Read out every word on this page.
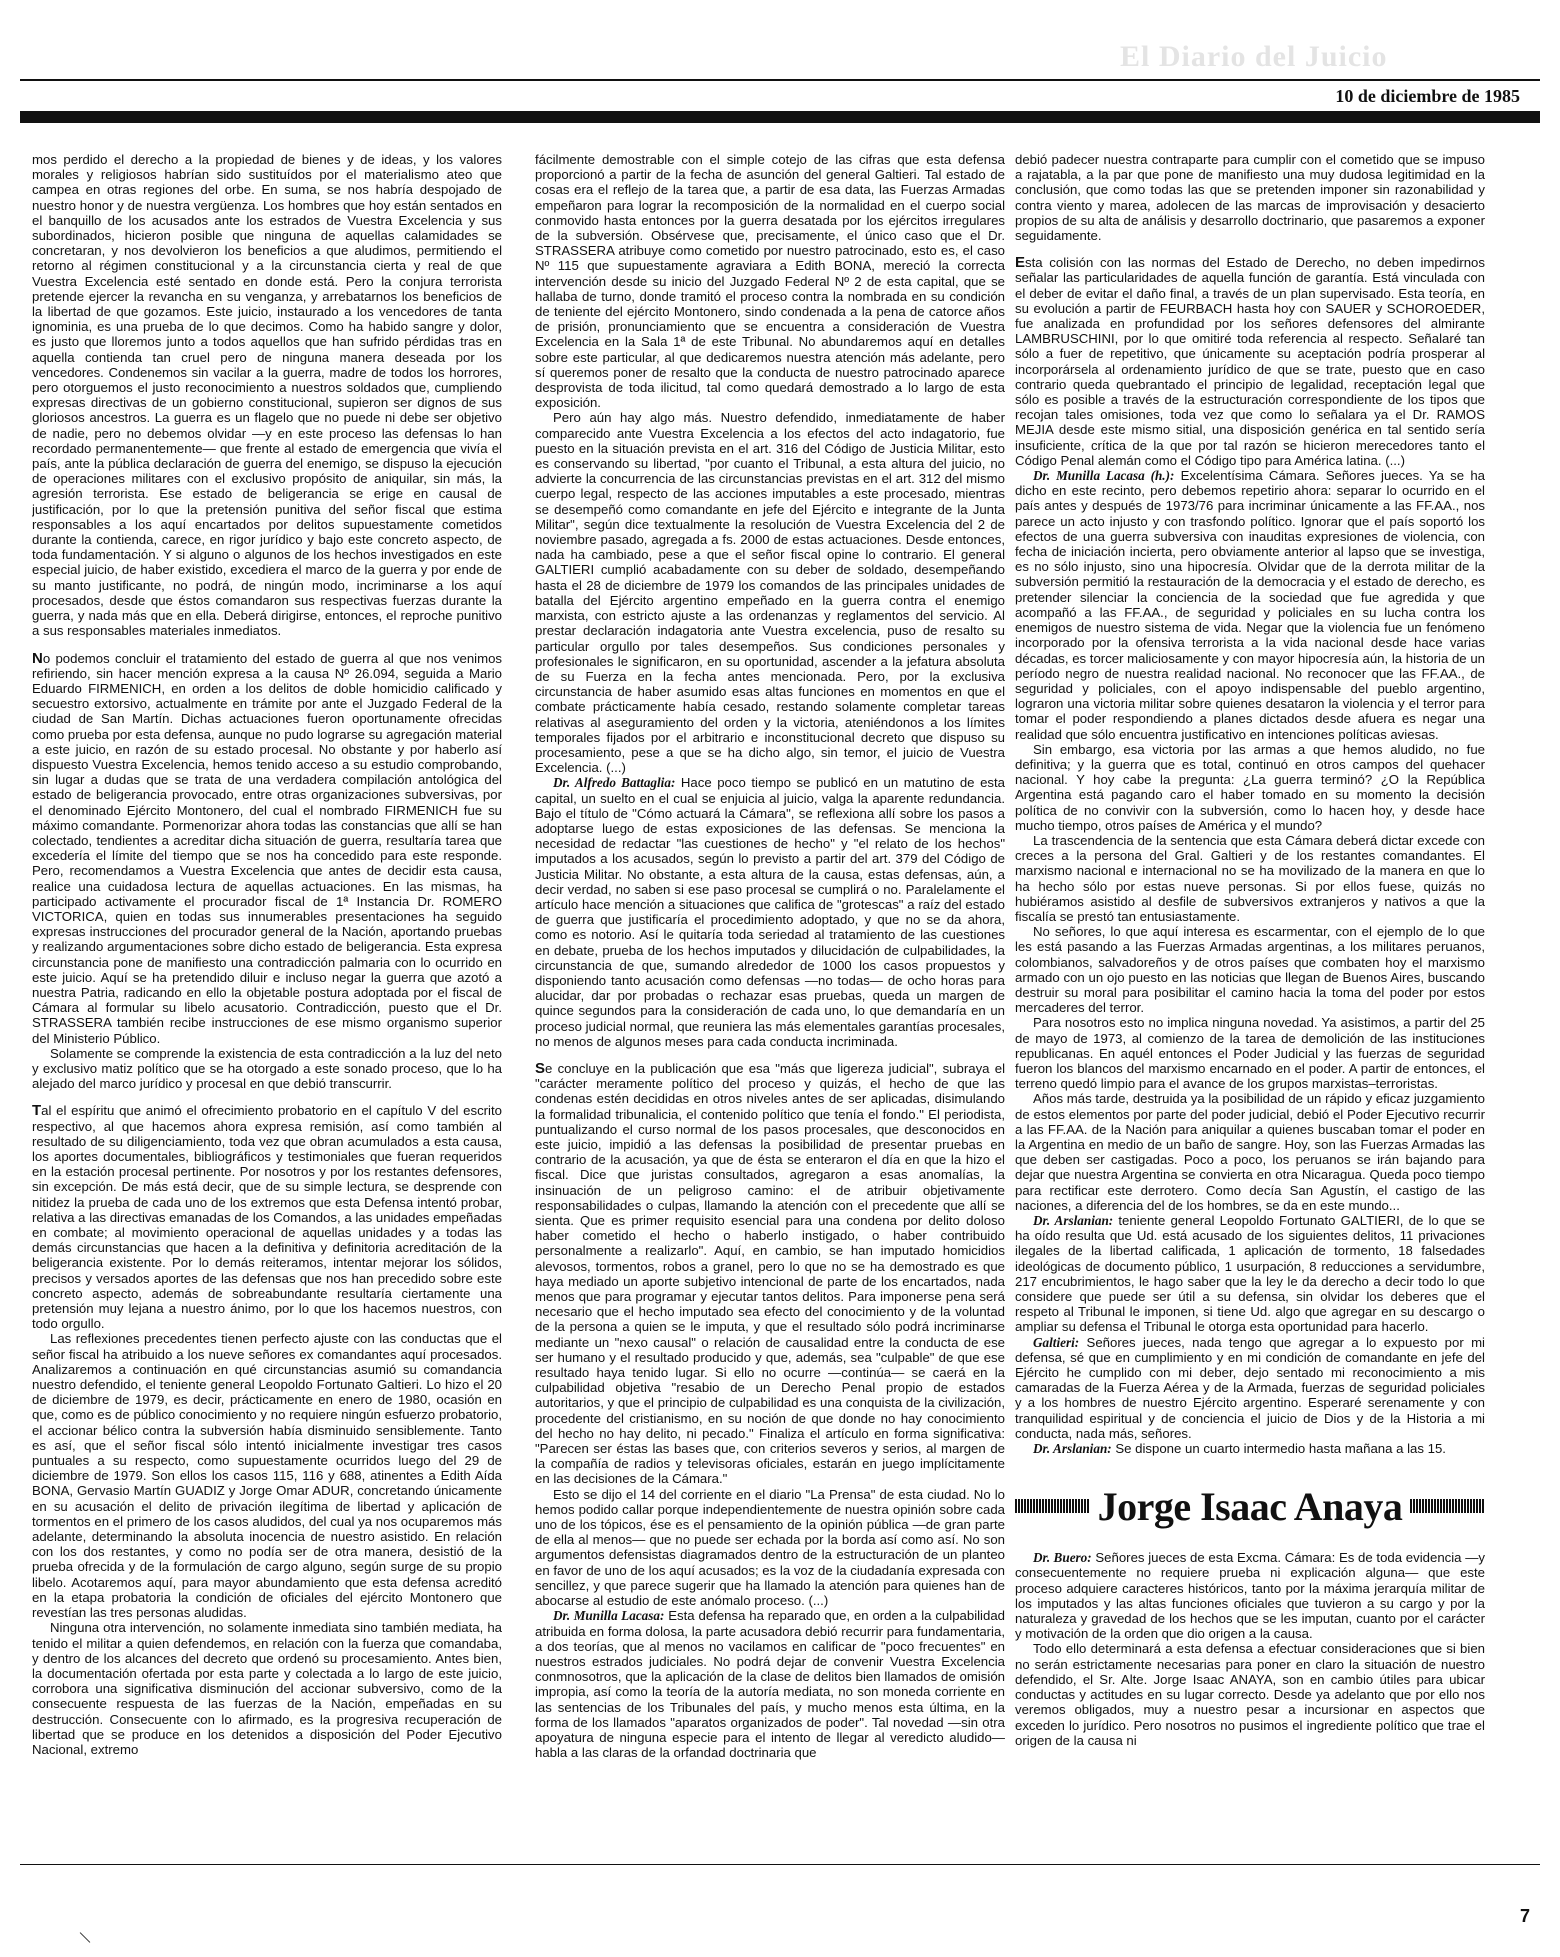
El Diario del Juicio
10 de diciembre de 1985

mos perdido el derecho a la propiedad de bienes y de ideas, y los valores morales y religiosos habrían sido sustituídos por el materialismo ateo que campea en otras regiones del orbe. En suma, se nos habría despojado de nuestro honor y de nuestra vergüenza. Los hombres que hoy están sentados en el banquillo de los acusados ante los estrados de Vuestra Excelencia y sus subordinados, hicieron posible que ninguna de aquellas calamidades se concretaran, y nos devolvieron los beneficios a que aludimos, permitiendo el retorno al régimen constitucional y a la circunstancia cierta y real de que Vuestra Excelencia esté sentado en donde está. Pero la conjura terrorista pretende ejercer la revancha en su venganza, y arrebatarnos los beneficios de la libertad de que gozamos. Este juicio, instaurado a los vencedores de tanta ignominia, es una prueba de lo que decimos. Como ha habido sangre y dolor, es justo que lloremos junto a todos aquellos que han sufrido pérdidas tras en aquella contienda tan cruel pero de ninguna manera deseada por los vencedores. Condenemos sin vacilar a la guerra, madre de todos los horrores, pero otorguemos el justo reconocimiento a nuestros soldados que, cumpliendo expresas directivas de un gobierno constitucional, supieron ser dignos de sus gloriosos ancestros. La guerra es un flagelo que no puede ni debe ser objetivo de nadie, pero no debemos olvidar —y en este proceso las defensas lo han recordado permanentemente— que frente al estado de emergencia que vivía el país, ante la pública declaración de guerra del enemigo, se dispuso la ejecución de operaciones militares con el exclusivo propósito de aniquilar, sin más, la agresión terrorista. Ese estado de beligerancia se erige en causal de justificación, por lo que la pretensión punitiva del señor fiscal que estima responsables a los aquí encartados por delitos supuestamente cometidos durante la contienda, carece, en rigor jurídico y bajo este concreto aspecto, de toda fundamentación. Y si alguno o algunos de los hechos investigados en este especial juicio, de haber existido, excediera el marco de la guerra y por ende de su manto justificante, no podrá, de ningún modo, incriminarse a los aquí procesados, desde que éstos comandaron sus respectivas fuerzas durante la guerra, y nada más que en ella. Deberá dirigirse, entonces, el reproche punitivo a sus responsables materiales inmediatos.

No podemos concluir el tratamiento del estado de guerra al que nos venimos refiriendo, sin hacer mención expresa a la causa Nº 26.094, seguida a Mario Eduardo FIRMENICH, en orden a los delitos de doble homicidio calificado y secuestro extorsivo, actualmente en trámite por ante el Juzgado Federal de la ciudad de San Martín. Dichas actuaciones fueron oportunamente ofrecidas como prueba por esta defensa, aunque no pudo lograrse su agregación material a este juicio, en razón de su estado procesal. No obstante y por haberlo así dispuesto Vuestra Excelencia, hemos tenido acceso a su estudio comprobando, sin lugar a dudas que se trata de una verdadera compilación antológica del estado de beligerancia provocado, entre otras organizaciones subversivas, por el denominado Ejército Montonero, del cual el nombrado FIRMENICH fue su máximo comandante. Pormenorizar ahora todas las constancias que allí se han colectado, tendientes a acreditar dicha situación de guerra, resultaría tarea que excedería el límite del tiempo que se nos ha concedido para este responde. Pero, recomendamos a Vuestra Excelencia que antes de decidir esta causa, realice una cuidadosa lectura de aquellas actuaciones. En las mismas, ha participado activamente el procurador fiscal de 1ª Instancia Dr. ROMERO VICTORICA, quien en todas sus innumerables presentaciones ha seguido expresas instrucciones del procurador general de la Nación, aportando pruebas y realizando argumentaciones sobre dicho estado de beligerancia. Esta expresa circunstancia pone de manifiesto una contradicción palmaria con lo ocurrido en este juicio. Aquí se ha pretendido diluir e incluso negar la guerra que azotó a nuestra Patria, radicando en ello la objetable postura adoptada por el fiscal de Cámara al formular su libelo acusatorio. Contradicción, puesto que el Dr. STRASSERA también recibe instrucciones de ese mismo organismo superior del Ministerio Público.

Solamente se comprende la existencia de esta contradicción a la luz del neto y exclusivo matiz político que se ha otorgado a este sonado proceso, que lo ha alejado del marco jurídico y procesal en que debió transcurrir.

Tal el espíritu que animó el ofrecimiento probatorio en el capítulo V del escrito respectivo, al que hacemos ahora expresa remisión, así como también al resultado de su diligenciamiento, toda vez que obran acumulados a esta causa, los aportes documentales, bibliográficos y testimoniales que fueran requeridos en la estación procesal pertinente. Por nosotros y por los restantes defensores, sin excepción. De más está decir, que de su simple lectura, se desprende con nitidez la prueba de cada uno de los extremos que esta Defensa intentó probar, relativa a las directivas emanadas de los Comandos, a las unidades empeñadas en combate; al movimiento operacional de aquellas unidades y a todas las demás circunstancias que hacen a la definitiva y definitoria acreditación de la beligerancia existente. Por lo demás reiteramos, intentar mejorar los sólidos, precisos y versados aportes de las defensas que nos han precedido sobre este concreto aspecto, además de sobreabundante resultaría ciertamente una pretensión muy lejana a nuestro ánimo, por lo que los hacemos nuestros, con todo orgullo.

Las reflexiones precedentes tienen perfecto ajuste con las conductas que el señor fiscal ha atribuido a los nueve señores ex comandantes aquí procesados. Analizaremos a continuación en qué circunstancias asumió su comandancia nuestro defendido, el teniente general Leopoldo Fortunato Galtieri. Lo hizo el 20 de diciembre de 1979, es decir, prácticamente en enero de 1980, ocasión en que, como es de público conocimiento y no requiere ningún esfuerzo probatorio, el accionar bélico contra la subversión había disminuido sensiblemente. Tanto es así, que el señor fiscal sólo intentó inicialmente investigar tres casos puntuales a su respecto, como supuestamente ocurridos luego del 29 de diciembre de 1979. Son ellos los casos 115, 116 y 688, atinentes a Edith Aída BONA, Gervasio Martín GUADIZ y Jorge Omar ADUR, concretando únicamente en su acusación el delito de privación ilegítima de libertad y aplicación de tormentos en el primero de los casos aludidos, del cual ya nos ocuparemos más adelante, determinando la absoluta inocencia de nuestro asistido. En relación con los dos restantes, y como no podía ser de otra manera, desistió de la prueba ofrecida y de la formulación de cargo alguno, según surge de su propio libelo. Acotaremos aquí, para mayor abundamiento que esta defensa acreditó en la etapa probatoria la condición de oficiales del ejército Montonero que revestían las tres personas aludidas.

Ninguna otra intervención, no solamente inmediata sino también mediata, ha tenido el militar a quien defendemos, en relación con la fuerza que comandaba, y dentro de los alcances del decreto que ordenó su procesamiento. Antes bien, la documentación ofertada por esta parte y colectada a lo largo de este juicio, corrobora una significativa disminución del accionar subversivo, como de la consecuente respuesta de las fuerzas de la Nación, empeñadas en su destrucción. Consecuente con lo afirmado, es la progresiva recuperación de libertad que se produce en los detenidos a disposición del Poder Ejecutivo Nacional, extremo

fácilmente demostrable con el simple cotejo de las cifras que esta defensa proporcionó a partir de la fecha de asunción del general Galtieri. Tal estado de cosas era el reflejo de la tarea que, a partir de esa data, las Fuerzas Armadas empeñaron para lograr la recomposición de la normalidad en el cuerpo social conmovido hasta entonces por la guerra desatada por los ejércitos irregulares de la subversión. Obsérvese que, precisamente, el único caso que el Dr. STRASSERA atribuye como cometido por nuestro patrocinado, esto es, el caso Nº 115 que supuestamente agraviara a Edith BONA, mereció la correcta intervención desde su inicio del Juzgado Federal Nº 2 de esta capital, que se hallaba de turno, donde tramitó el proceso contra la nombrada en su condición de teniente del ejército Montonero, sindo condenada a la pena de catorce años de prisión, pronunciamiento que se encuentra a consideración de Vuestra Excelencia en la Sala 1ª de este Tribunal. No abundaremos aquí en detalles sobre este particular, al que dedicaremos nuestra atención más adelante, pero sí queremos poner de resalto que la conducta de nuestro patrocinado aparece desprovista de toda ilicitud, tal como quedará demostrado a lo largo de esta exposición.

Pero aún hay algo más. Nuestro defendido, inmediatamente de haber comparecido ante Vuestra Excelencia a los efectos del acto indagatorio, fue puesto en la situación prevista en el art. 316 del Código de Justicia Militar, esto es conservando su libertad, "por cuanto el Tribunal, a esta altura del juicio, no advierte la concurrencia de las circunstancias previstas en el art. 312 del mismo cuerpo legal, respecto de las acciones imputables a este procesado, mientras se desempeñó como comandante en jefe del Ejército e integrante de la Junta Militar", según dice textualmente la resolución de Vuestra Excelencia del 2 de noviembre pasado, agregada a fs. 2000 de estas actuaciones. Desde entonces, nada ha cambiado, pese a que el señor fiscal opine lo contrario. El general GALTIERI cumplió acabadamente con su deber de soldado, desempeñando hasta el 28 de diciembre de 1979 los comandos de las principales unidades de batalla del Ejército argentino empeñado en la guerra contra el enemigo marxista, con estricto ajuste a las ordenanzas y reglamentos del servicio. Al prestar declaración indagatoria ante Vuestra excelencia, puso de resalto su particular orgullo por tales desempeños. Sus condiciones personales y profesionales le significaron, en su oportunidad, ascender a la jefatura absoluta de su Fuerza en la fecha antes mencionada. Pero, por la exclusiva circunstancia de haber asumido esas altas funciones en momentos en que el combate prácticamente había cesado, restando solamente completar tareas relativas al aseguramiento del orden y la victoria, ateniéndonos a los límites temporales fijados por el arbitrario e inconstitucional decreto que dispuso su procesamiento, pese a que se ha dicho algo, sin temor, el juicio de Vuestra Excelencia. (...)

Dr. Alfredo Battaglia: Hace poco tiempo se publicó en un matutino de esta capital, un suelto en el cual se enjuicia al juicio, valga la aparente redundancia. Bajo el título de "Cómo actuará la Cámara", se reflexiona allí sobre los pasos a adoptarse luego de estas exposiciones de las defensas. Se menciona la necesidad de redactar "las cuestiones de hecho" y "el relato de los hechos" imputados a los acusados, según lo previsto a partir del art. 379 del Código de Justicia Militar. No obstante, a esta altura de la causa, estas defensas, aún, a decir verdad, no saben si ese paso procesal se cumplirá o no. Paralelamente el artículo hace mención a situaciones que califica de "grotescas" a raíz del estado de guerra que justificaría el procedimiento adoptado, y que no se da ahora, como es notorio. Así le quitaría toda seriedad al tratamiento de las cuestiones en debate, prueba de los hechos imputados y dilucidación de culpabilidades, la circunstancia de que, sumando alrededor de 1000 los casos propuestos y disponiendo tanto acusación como defensas —no todas— de ocho horas para alucidar, dar por probadas o rechazar esas pruebas, queda un margen de quince segundos para la consideración de cada uno, lo que demandaría en un proceso judicial normal, que reuniera las más elementales garantías procesales, no menos de algunos meses para cada conducta incriminada.

Se concluye en la publicación que esa "más que ligereza judicial", subraya el "carácter meramente político del proceso y quizás, el hecho de que las condenas estén decididas en otros niveles antes de ser aplicadas, disimulando la formalidad tribunalicia, el contenido político que tenía el fondo." El periodista, puntualizando el curso normal de los pasos procesales, que desconocidos en este juicio, impidió a las defensas la posibilidad de presentar pruebas en contrario de la acusación, ya que de ésta se enteraron el día en que la hizo el fiscal. Dice que juristas consultados, agregaron a esas anomalías, la insinuación de un peligroso camino: el de atribuir objetivamente responsabilidades o culpas, llamando la atención con el precedente que allí se sienta. Que es primer requisito esencial para una condena por delito doloso haber cometido el hecho o haberlo instigado, o haber contribuido personalmente a realizarlo". Aquí, en cambio, se han imputado homicidios alevosos, tormentos, robos a granel, pero lo que no se ha demostrado es que haya mediado un aporte subjetivo intencional de parte de los encartados, nada menos que para programar y ejecutar tantos delitos. Para imponerse pena será necesario que el hecho imputado sea efecto del conocimiento y de la voluntad de la persona a quien se le imputa, y que el resultado sólo podrá incriminarse mediante un "nexo causal" o relación de causalidad entre la conducta de ese ser humano y el resultado producido y que, además, sea "culpable" de que ese resultado haya tenido lugar. Si ello no ocurre —continúa— se caerá en la culpabilidad objetiva "resabio de un Derecho Penal propio de estados autoritarios, y que el principio de culpabilidad es una conquista de la civilización, procedente del cristianismo, en su noción de que donde no hay conocimiento del hecho no hay delito, ni pecado." Finaliza el artículo en forma significativa: "Parecen ser éstas las bases que, con criterios severos y serios, al margen de la compañía de radios y televisoras oficiales, estarán en juego implícitamente en las decisiones de la Cámara."

Esto se dijo el 14 del corriente en el diario "La Prensa" de esta ciudad. No lo hemos podido callar porque independientemente de nuestra opinión sobre cada uno de los tópicos, ése es el pensamiento de la opinión pública —de gran parte de ella al menos— que no puede ser echada por la borda así como así. No son argumentos defensistas diagramados dentro de la estructuración de un planteo en favor de uno de los aquí acusados; es la voz de la ciudadanía expresada con sencillez, y que parece sugerir que ha llamado la atención para quienes han de abocarse al estudio de este anómalo proceso. (...)

Dr. Munilla Lacasa: Esta defensa ha reparado que, en orden a la culpabilidad atribuida en forma dolosa, la parte acusadora debió recurrir para fundamentaria, a dos teorías, que al menos no vacilamos en calificar de "poco frecuentes" en nuestros estrados judiciales. No podrá dejar de convenir Vuestra Excelencia conmnosotros, que la aplicación de la clase de delitos bien llamados de omisión impropia, así como la teoría de la autoría mediata, no son moneda corriente en las sentencias de los Tribunales del país, y mucho menos esta última, en la forma de los llamados "aparatos organizados de poder". Tal novedad —sin otra apoyatura de ninguna especie para el intento de llegar al veredicto aludido— habla a las claras de la orfandad doctrinaria que

debió padecer nuestra contraparte para cumplir con el cometido que se impuso a rajatabla, a la par que pone de manifiesto una muy dudosa legitimidad en la conclusión, que como todas las que se pretenden imponer sin razonabilidad y contra viento y marea, adolecen de las marcas de improvisación y desacierto propios de su alta de análisis y desarrollo doctrinario, que pasaremos a exponer seguidamente.

Esta colisión con las normas del Estado de Derecho, no deben impedirnos señalar las particularidades de aquella función de garantía. Está vinculada con el deber de evitar el daño final, a través de un plan supervisado. Esta teoría, en su evolución a partir de FEURBACH hasta hoy con SAUER y SCHOROEDER, fue analizada en profundidad por los señores defensores del almirante LAMBRUSCHINI, por lo que omitiré toda referencia al respecto. Señalaré tan sólo a fuer de repetitivo, que únicamente su aceptación podría prosperar al incorporársela al ordenamiento jurídico de que se trate, puesto que en caso contrario queda quebrantado el principio de legalidad, receptación legal que sólo es posible a través de la estructuración correspondiente de los tipos que recojan tales omisiones, toda vez que como lo señalara ya el Dr. RAMOS MEJIA desde este mismo sitial, una disposición genérica en tal sentido sería insuficiente, crítica de la que por tal razón se hicieron merecedores tanto el Código Penal alemán como el Código tipo para América latina. (...)

Dr. Munilla Lacasa (h.): Excelentísima Cámara. Señores jueces. Ya se ha dicho en este recinto, pero debemos repetirio ahora: separar lo ocurrido en el país antes y después de 1973/76 para incriminar únicamente a las FF.AA., nos parece un acto injusto y con trasfondo político. Ignorar que el país soportó los efectos de una guerra subversiva con inauditas expresiones de violencia, con fecha de iniciación incierta, pero obviamente anterior al lapso que se investiga, es no sólo injusto, sino una hipocresía. Olvidar que de la derrota militar de la subversión permitió la restauración de la democracia y el estado de derecho, es pretender silenciar la conciencia de la sociedad que fue agredida y que acompañó a las FF.AA., de seguridad y policiales en su lucha contra los enemigos de nuestro sistema de vida. Negar que la violencia fue un fenómeno incorporado por la ofensiva terrorista a la vida nacional desde hace varias décadas, es torcer maliciosamente y con mayor hipocresía aún, la historia de un período negro de nuestra realidad nacional. No reconocer que las FF.AA., de seguridad y policiales, con el apoyo indispensable del pueblo argentino, lograron una victoria militar sobre quienes desataron la violencia y el terror para tomar el poder respondiendo a planes dictados desde afuera es negar una realidad que sólo encuentra justificativo en intenciones políticas aviesas.

Sin embargo, esa victoria por las armas a que hemos aludido, no fue definitiva; y la guerra que es total, continuó en otros campos del quehacer nacional. Y hoy cabe la pregunta: ¿La guerra terminó? ¿O la República Argentina está pagando caro el haber tomado en su momento la decisión política de no convivir con la subversión, como lo hacen hoy, y desde hace mucho tiempo, otros países de América y el mundo?

La trascendencia de la sentencia que esta Cámara deberá dictar excede con creces a la persona del Gral. Galtieri y de los restantes comandantes. El marxismo nacional e internacional no se ha movilizado de la manera en que lo ha hecho sólo por estas nueve personas. Si por ellos fuese, quizás no hubiéramos asistido al desfile de subversivos extranjeros y nativos a que la fiscalía se prestó tan entusiastamente.

No señores, lo que aquí interesa es escarmentar, con el ejemplo de lo que les está pasando a las Fuerzas Armadas argentinas, a los militares peruanos, colombianos, salvadoreños y de otros países que combaten hoy el marxismo armado con un ojo puesto en las noticias que llegan de Buenos Aires, buscando destruir su moral para posibilitar el camino hacia la toma del poder por estos mercaderes del terror.

Para nosotros esto no implica ninguna novedad. Ya asistimos, a partir del 25 de mayo de 1973, al comienzo de la tarea de demolición de las instituciones republicanas. En aquél entonces el Poder Judicial y las fuerzas de seguridad fueron los blancos del marxismo encarnado en el poder. A partir de entonces, el terreno quedó limpio para el avance de los grupos marxistas–terroristas.

Años más tarde, destruida ya la posibilidad de un rápido y eficaz juzgamiento de estos elementos por parte del poder judicial, debió el Poder Ejecutivo recurrir a las FF.AA. de la Nación para aniquilar a quienes buscaban tomar el poder en la Argentina en medio de un baño de sangre. Hoy, son las Fuerzas Armadas las que deben ser castigadas. Poco a poco, los peruanos se irán bajando para dejar que nuestra Argentina se convierta en otra Nicaragua. Queda poco tiempo para rectificar este derrotero. Como decía San Agustín, el castigo de las naciones, a diferencia del de los hombres, se da en este mundo...

Dr. Arslanian: teniente general Leopoldo Fortunato GALTIERI, de lo que se ha oído resulta que Ud. está acusado de los siguientes delitos, 11 privaciones ilegales de la libertad calificada, 1 aplicación de tormento, 18 falsedades ideológicas de documento público, 1 usurpación, 8 reducciones a servidumbre, 217 encubrimientos, le hago saber que la ley le da derecho a decir todo lo que considere que puede ser útil a su defensa, sin olvidar los deberes que el respeto al Tribunal le imponen, si tiene Ud. algo que agregar en su descargo o ampliar su defensa el Tribunal le otorga esta oportunidad para hacerlo.

Galtieri: Señores jueces, nada tengo que agregar a lo expuesto por mi defensa, sé que en cumplimiento y en mi condición de comandante en jefe del Ejército he cumplido con mi deber, dejo sentado mi reconocimiento a mis camaradas de la Fuerza Aérea y de la Armada, fuerzas de seguridad policiales y a los hombres de nuestro Ejército argentino. Esperaré serenamente y con tranquilidad espiritual y de conciencia el juicio de Dios y de la Historia a mi conducta, nada más, señores.

Dr. Arslanian: Se dispone un cuarto intermedio hasta mañana a las 15.

Jorge Isaac Anaya

Dr. Buero: Señores jueces de esta Excma. Cámara: Es de toda evidencia —y consecuentemente no requiere prueba ni explicación alguna— que este proceso adquiere caracteres históricos, tanto por la máxima jerarquía militar de los imputados y las altas funciones oficiales que tuvieron a su cargo y por la naturaleza y gravedad de los hechos que se les imputan, cuanto por el carácter y motivación de la orden que dio origen a la causa.

Todo ello determinará a esta defensa a efectuar consideraciones que si bien no serán estrictamente necesarias para poner en claro la situación de nuestro defendido, el Sr. Alte. Jorge Isaac ANAYA, son en cambio útiles para ubicar conductas y actitudes en su lugar correcto. Desde ya adelanto que por ello nos veremos obligados, muy a nuestro pesar a incursionar en aspectos que exceden lo jurídico. Pero nosotros no pusimos el ingrediente político que trae el origen de la causa ni

7
